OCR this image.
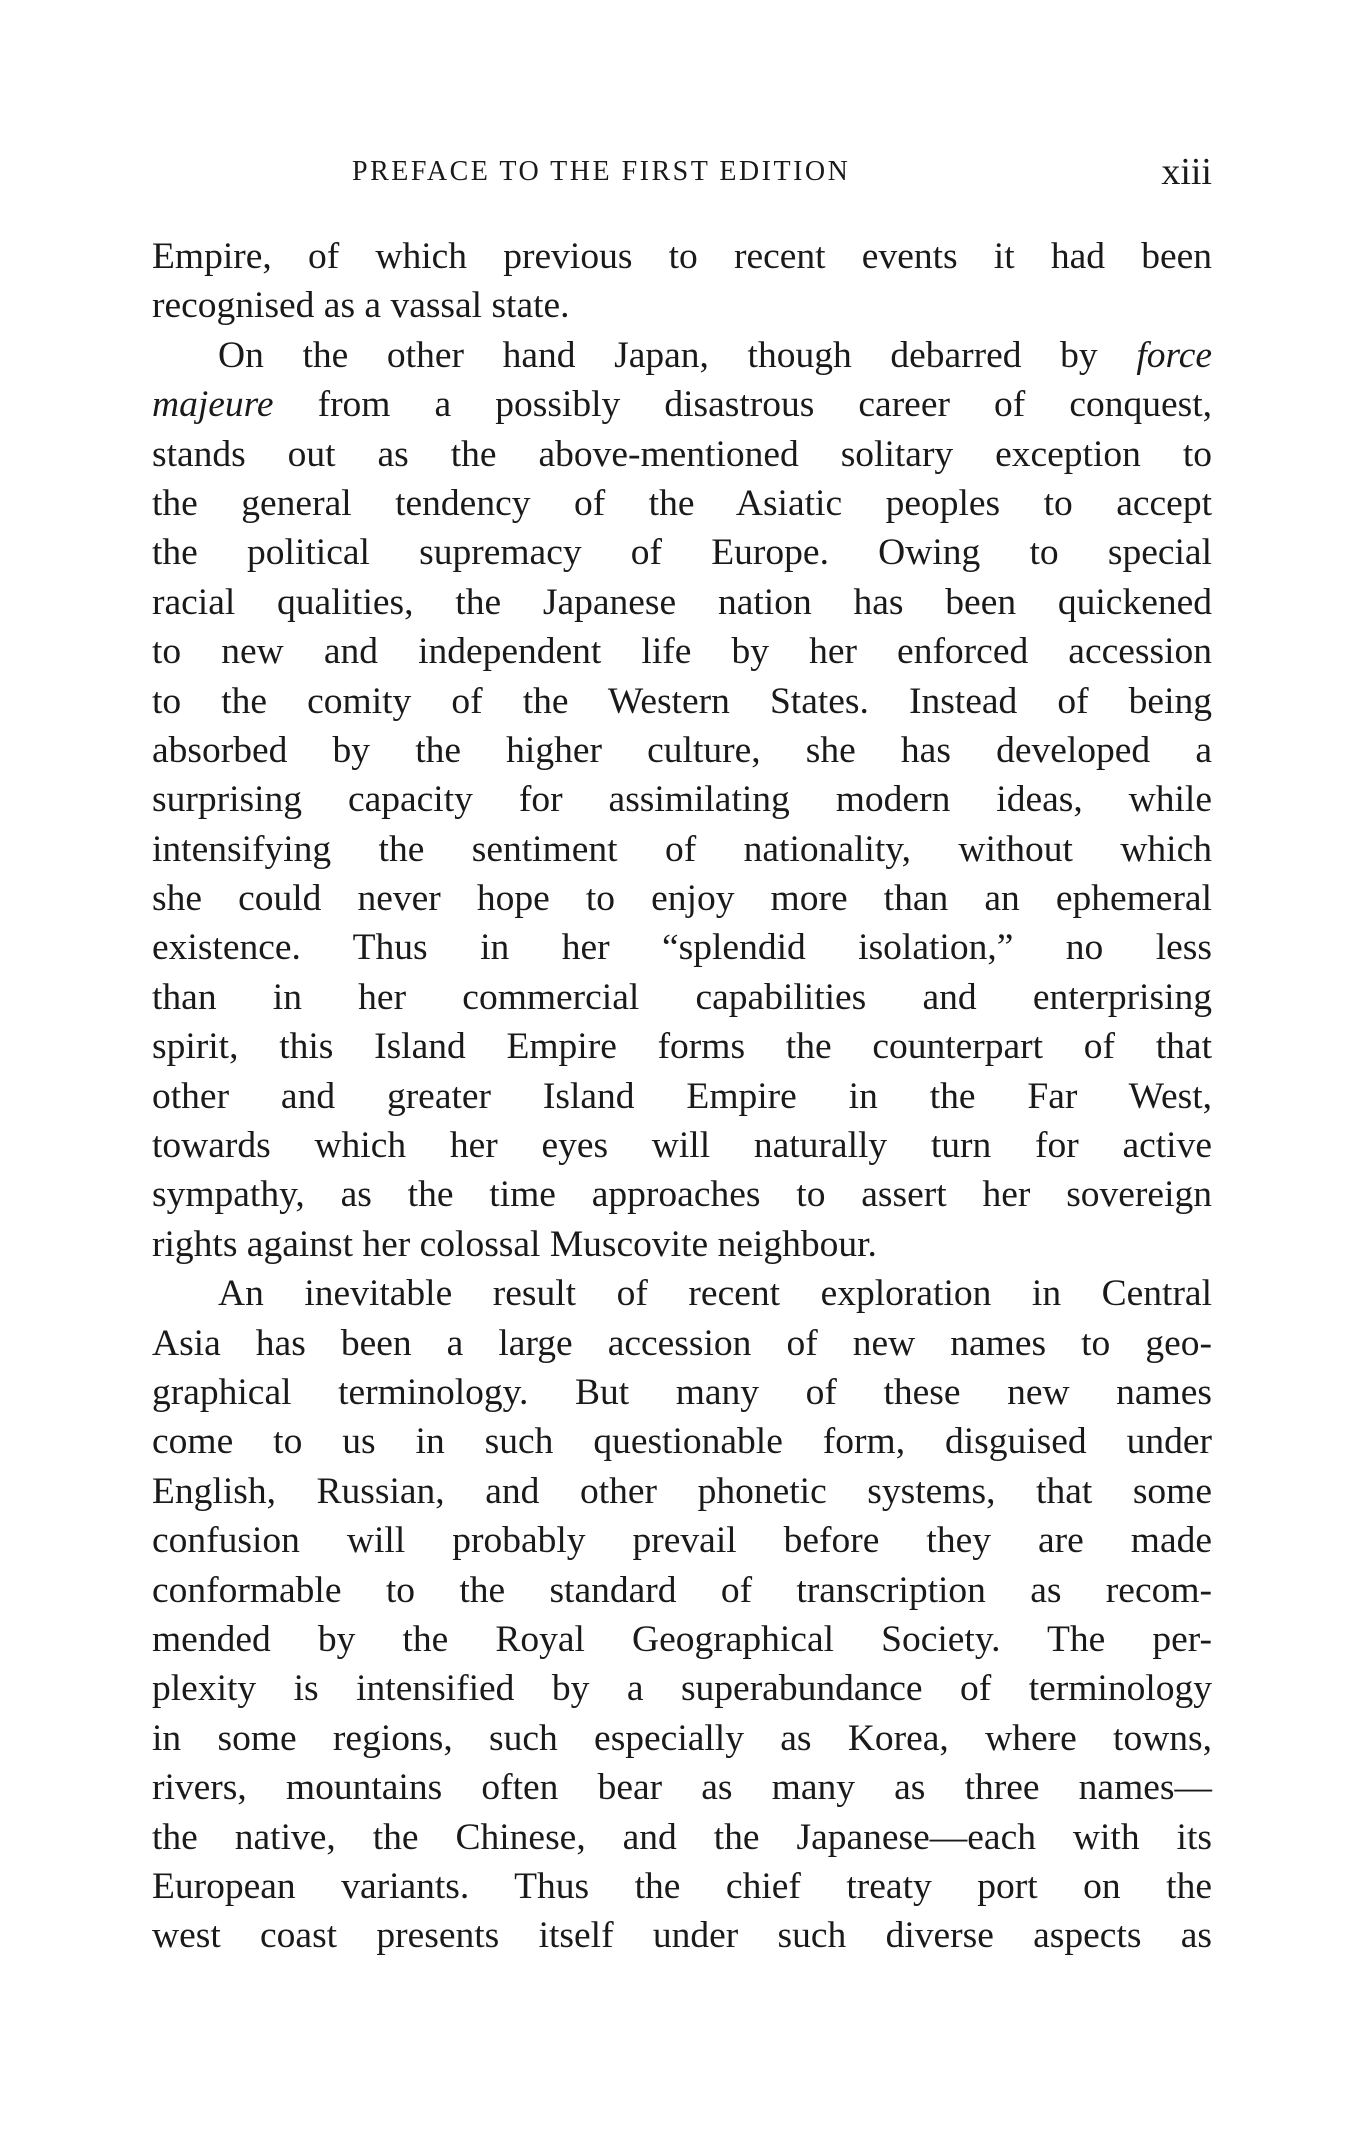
PREFACE TO THE FIRST EDITION	xiii
Empire, of which previous to recent events it had been
recognised as a vassal state.
On the other hand Japan, though debarred by force
majeure from a possibly disastrous career of conquest,
stands out as the above-mentioned solitary exception to
the general tendency of the Asiatic peoples to accept
the political supremacy of Europe. Owing to special
racial qualities, the Japanese nation has been quickened
to new and independent life by her enforced accession
to the comity of the Western States. Instead of being
absorbed by the higher culture, she has developed a
surprising capacity for assimilating modern ideas, while
intensifying the sentiment of nationality, without which
she could never hope to enjoy more than an ephemeral
existence. Thus in her “splendid isolation,” no less
than in her commercial capabilities and enterprising
spirit, this Island Empire forms the counterpart of that
other and greater Island Empire in the Far West,
towards which her eyes will naturally turn for active
sympathy, as the time approaches to assert her sovereign
rights against her colossal Muscovite neighbour.
An inevitable result of recent exploration in Central
Asia has been a large accession of new names to geo-
graphical terminology. But many of these new names
come to us in such questionable form, disguised under
English, Russian, and other phonetic systems, that some
confusion will probably prevail before they are made
conformable to the standard of transcription as recom-
mended by the Royal Geographical Society. The per-
plexity is intensified by a superabundance of terminology
in some regions, such especially as Korea, where towns,
rivers, mountains often bear as many as three names—
the native, the Chinese, and the Japanese—each with its
European variants. Thus the chief treaty port on the
west coast presents itself under such diverse aspects as
